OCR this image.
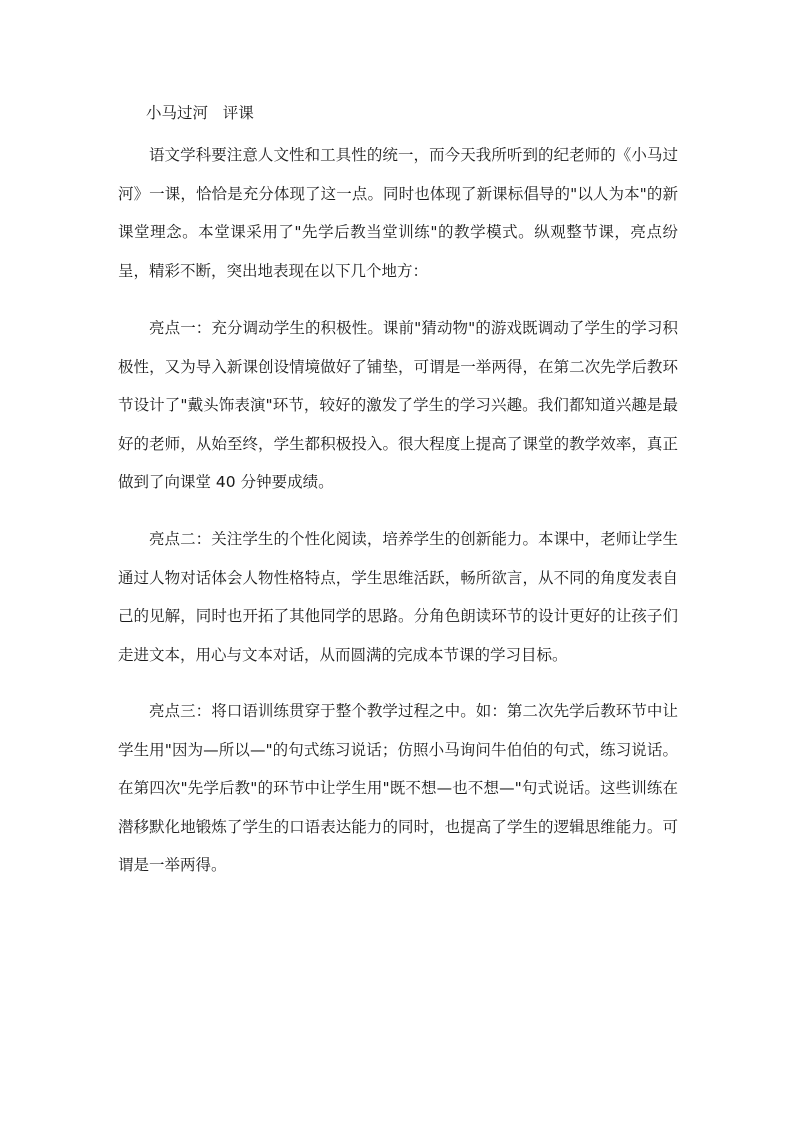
小马过河   评课

语文学科要注意人文性和工具性的统一，而今天我所听到的纪老师的《小马过河》一课，恰恰是充分体现了这一点。同时也体现了新课标倡导的"以人为本"的新课堂理念。本堂课采用了"先学后教当堂训练"的教学模式。纵观整节课，亮点纷呈，精彩不断，突出地表现在以下几个地方：

亮点一：充分调动学生的积极性。课前"猜动物"的游戏既调动了学生的学习积极性，又为导入新课创设情境做好了铺垫，可谓是一举两得，在第二次先学后教环节设计了"戴头饰表演"环节，较好的激发了学生的学习兴趣。我们都知道兴趣是最好的老师，从始至终，学生都积极投入。很大程度上提高了课堂的教学效率，真正做到了向课堂 40 分钟要成绩。

亮点二：关注学生的个性化阅读，培养学生的创新能力。本课中，老师让学生通过人物对话体会人物性格特点，学生思维活跃，畅所欲言，从不同的角度发表自己的见解，同时也开拓了其他同学的思路。分角色朗读环节的设计更好的让孩子们走进文本，用心与文本对话，从而圆满的完成本节课的学习目标。

亮点三：将口语训练贯穿于整个教学过程之中。如：第二次先学后教环节中让学生用"因为—所以—"的句式练习说话；仿照小马询问牛伯伯的句式，练习说话。在第四次"先学后教"的环节中让学生用"既不想—也不想—"句式说话。这些训练在潜移默化地锻炼了学生的口语表达能力的同时，也提高了学生的逻辑思维能力。可谓是一举两得。
